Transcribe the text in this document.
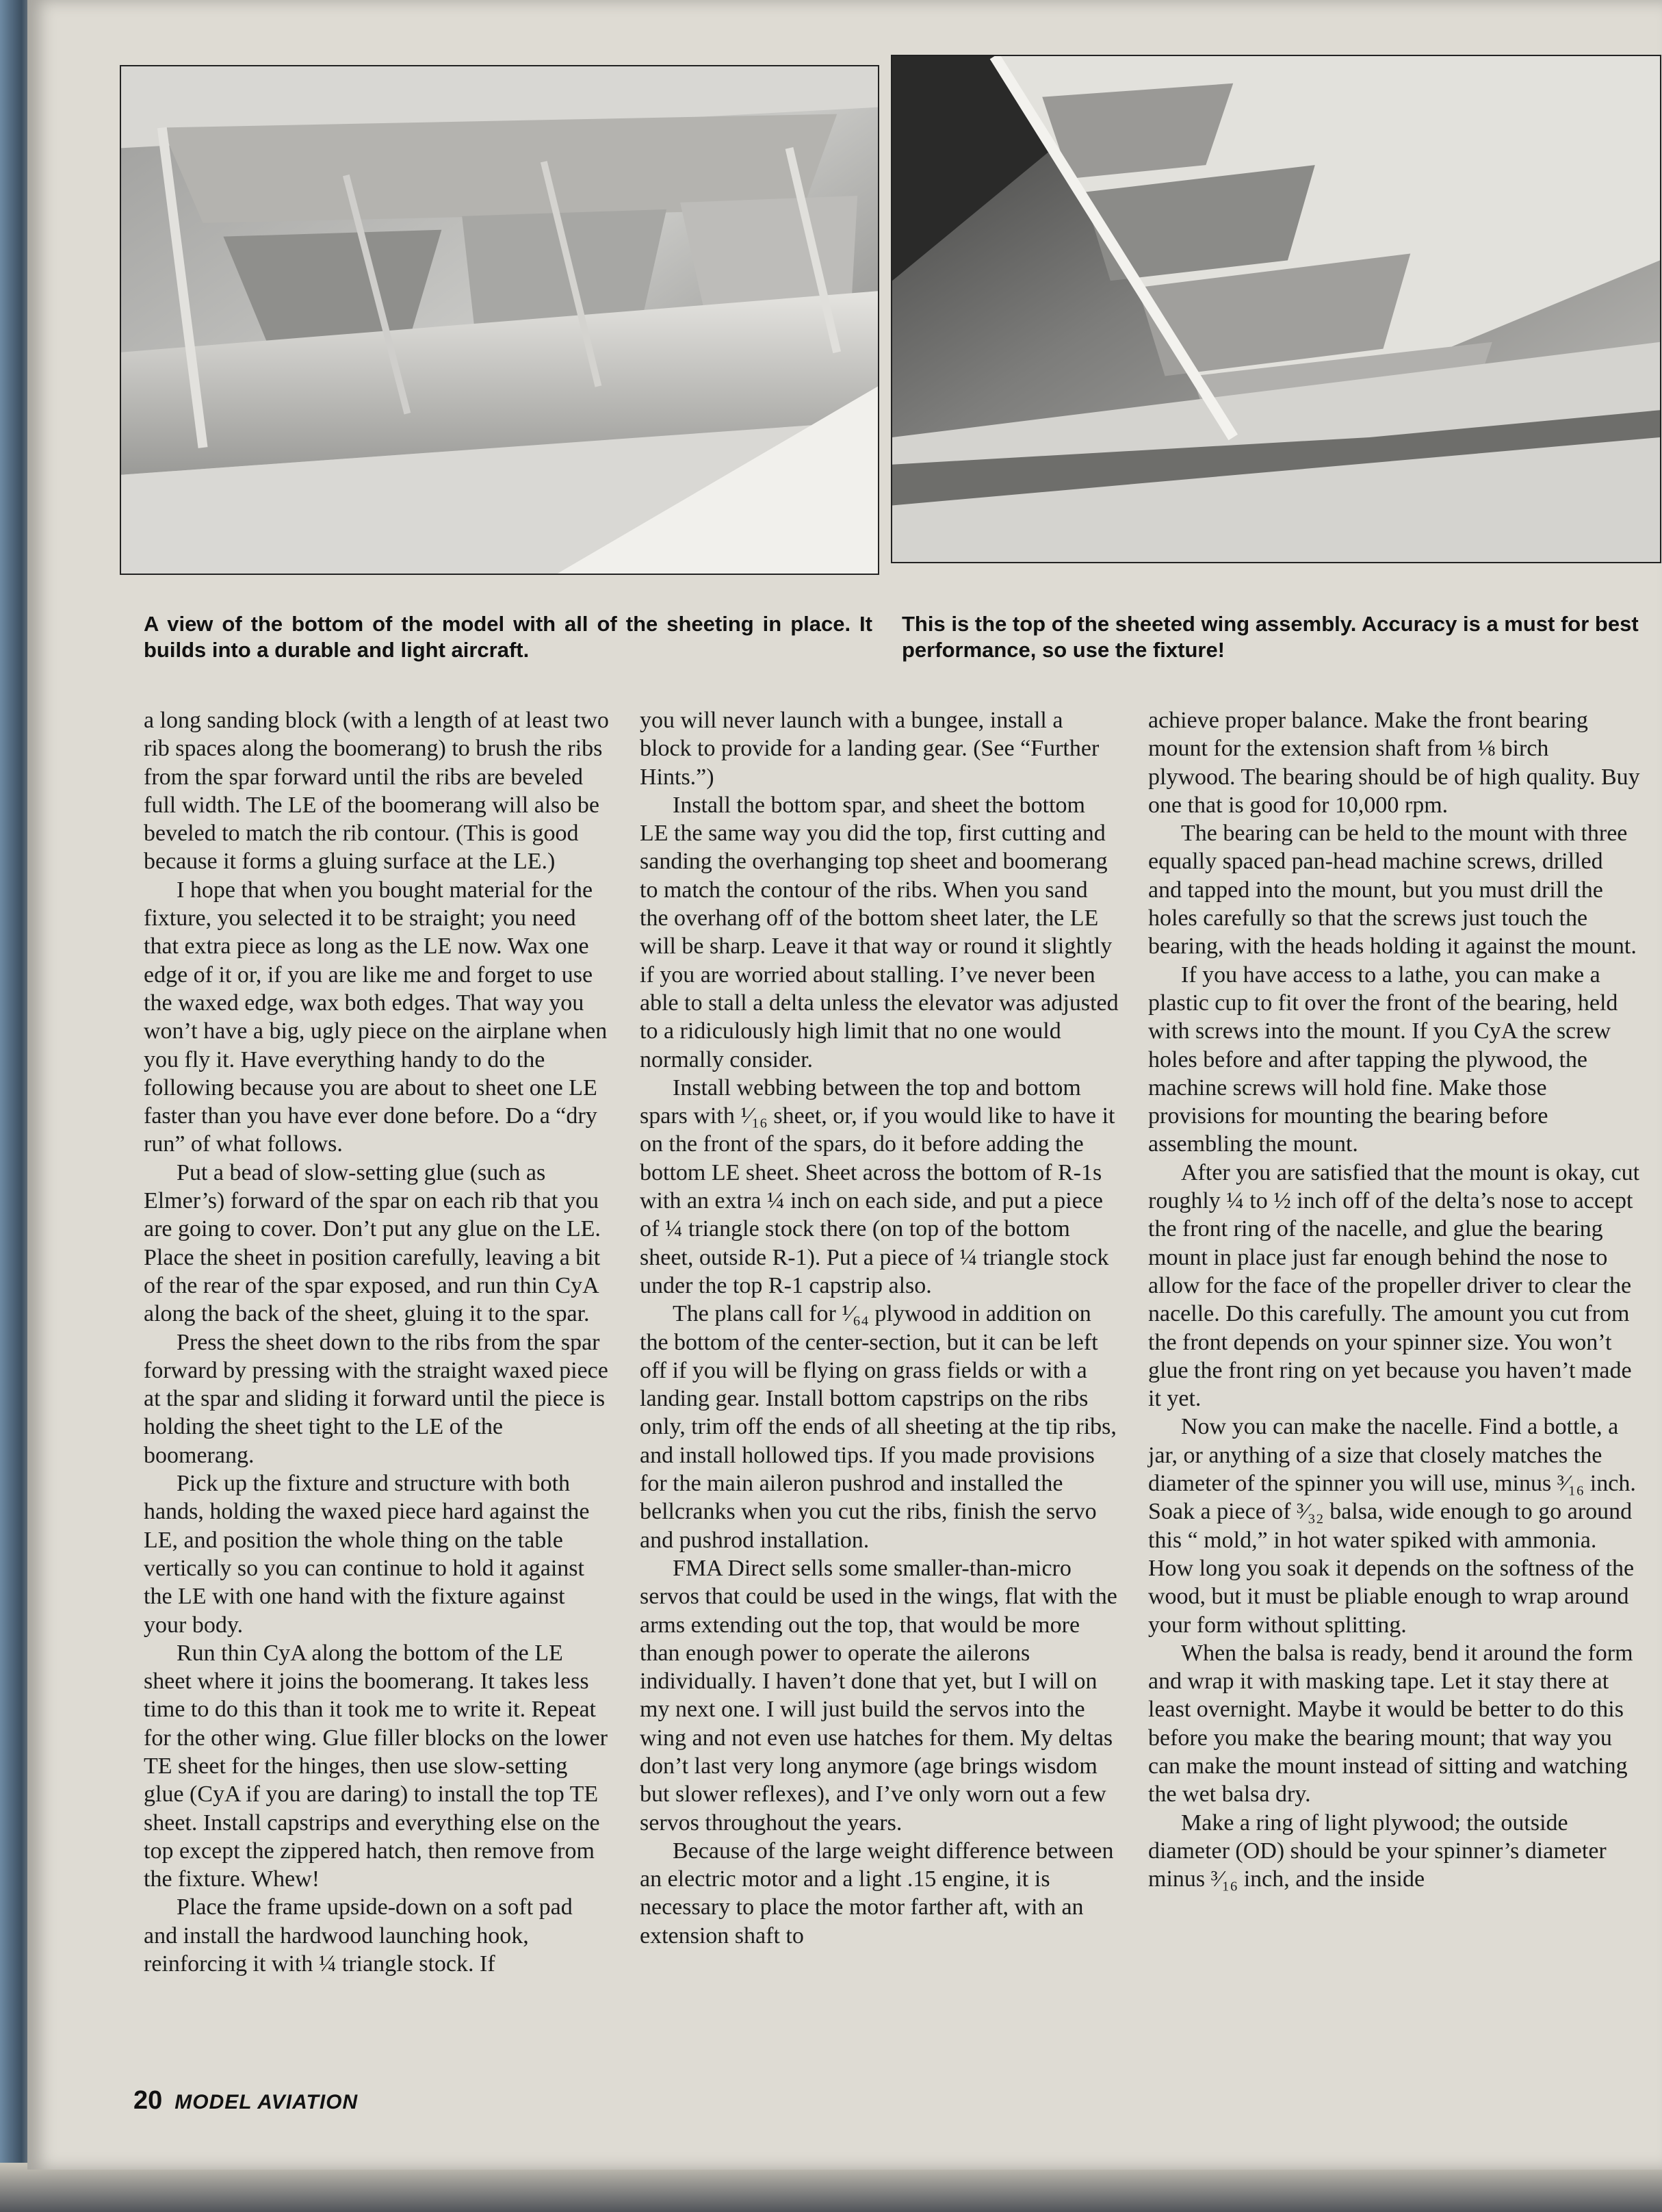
A view of the bottom of the model with all of the sheeting in place. It builds into a durable and light aircraft.
This is the top of the sheeted wing assembly. Accuracy is a must for best performance, so use the fixture!

a long sanding block (with a length of at least two rib spaces along the boomerang) to brush the ribs from the spar forward until the ribs are beveled full width. The LE of the boomerang will also be beveled to match the rib contour. (This is good because it forms a gluing surface at the LE.)

I hope that when you bought material for the fixture, you selected it to be straight; you need that extra piece as long as the LE now. Wax one edge of it or, if you are like me and forget to use the waxed edge, wax both edges. That way you won’t have a big, ugly piece on the airplane when you fly it. Have everything handy to do the following because you are about to sheet one LE faster than you have ever done before. Do a “dry run” of what follows.

Put a bead of slow-setting glue (such as Elmer’s) forward of the spar on each rib that you are going to cover. Don’t put any glue on the LE. Place the sheet in position carefully, leaving a bit of the rear of the spar exposed, and run thin CyA along the back of the sheet, gluing it to the spar.

Press the sheet down to the ribs from the spar forward by pressing with the straight waxed piece at the spar and sliding it forward until the piece is holding the sheet tight to the LE of the boomerang.

Pick up the fixture and structure with both hands, holding the waxed piece hard against the LE, and position the whole thing on the table vertically so you can continue to hold it against the LE with one hand with the fixture against your body.

Run thin CyA along the bottom of the LE sheet where it joins the boomerang. It takes less time to do this than it took me to write it. Repeat for the other wing. Glue filler blocks on the lower TE sheet for the hinges, then use slow-setting glue (CyA if you are daring) to install the top TE sheet. Install capstrips and everything else on the top except the zippered hatch, then remove from the fixture. Whew!

Place the frame upside-down on a soft pad and install the hardwood launching hook, reinforcing it with ¼ triangle stock. If

you will never launch with a bungee, install a block to provide for a landing gear. (See “Further Hints.”)

Install the bottom spar, and sheet the bottom LE the same way you did the top, first cutting and sanding the overhanging top sheet and boomerang to match the contour of the ribs. When you sand the overhang off of the bottom sheet later, the LE will be sharp. Leave it that way or round it slightly if you are worried about stalling. I’ve never been able to stall a delta unless the elevator was adjusted to a ridiculously high limit that no one would normally consider.

Install webbing between the top and bottom spars with ¹⁄₁₆ sheet, or, if you would like to have it on the front of the spars, do it before adding the bottom LE sheet. Sheet across the bottom of R-1s with an extra ¼ inch on each side, and put a piece of ¼ triangle stock there (on top of the bottom sheet, outside R-1). Put a piece of ¼ triangle stock under the top R-1 capstrip also.

The plans call for ¹⁄₆₄ plywood in addition on the bottom of the center-section, but it can be left off if you will be flying on grass fields or with a landing gear. Install bottom capstrips on the ribs only, trim off the ends of all sheeting at the tip ribs, and install hollowed tips. If you made provisions for the main aileron pushrod and installed the bellcranks when you cut the ribs, finish the servo and pushrod installation.

FMA Direct sells some smaller-than-micro servos that could be used in the wings, flat with the arms extending out the top, that would be more than enough power to operate the ailerons individually. I haven’t done that yet, but I will on my next one. I will just build the servos into the wing and not even use hatches for them. My deltas don’t last very long anymore (age brings wisdom but slower reflexes), and I’ve only worn out a few servos throughout the years.

Because of the large weight difference between an electric motor and a light .15 engine, it is necessary to place the motor farther aft, with an extension shaft to

achieve proper balance. Make the front bearing mount for the extension shaft from ⅛ birch plywood. The bearing should be of high quality. Buy one that is good for 10,000 rpm.

The bearing can be held to the mount with three equally spaced pan-head machine screws, drilled and tapped into the mount, but you must drill the holes carefully so that the screws just touch the bearing, with the heads holding it against the mount.

If you have access to a lathe, you can make a plastic cup to fit over the front of the bearing, held with screws into the mount. If you CyA the screw holes before and after tapping the plywood, the machine screws will hold fine. Make those provisions for mounting the bearing before assembling the mount.

After you are satisfied that the mount is okay, cut roughly ¼ to ½ inch off of the delta’s nose to accept the front ring of the nacelle, and glue the bearing mount in place just far enough behind the nose to allow for the face of the propeller driver to clear the nacelle. Do this carefully. The amount you cut from the front depends on your spinner size. You won’t glue the front ring on yet because you haven’t made it yet.

Now you can make the nacelle. Find a bottle, a jar, or anything of a size that closely matches the diameter of the spinner you will use, minus ³⁄₁₆ inch. Soak a piece of ³⁄₃₂ balsa, wide enough to go around this “ mold,” in hot water spiked with ammonia. How long you soak it depends on the softness of the wood, but it must be pliable enough to wrap around your form without splitting.

When the balsa is ready, bend it around the form and wrap it with masking tape. Let it stay there at least overnight. Maybe it would be better to do this before you make the bearing mount; that way you can make the mount instead of sitting and watching the wet balsa dry.

Make a ring of light plywood; the outside diameter (OD) should be your spinner’s diameter minus ³⁄₁₆ inch, and the inside

20 MODEL AVIATION
